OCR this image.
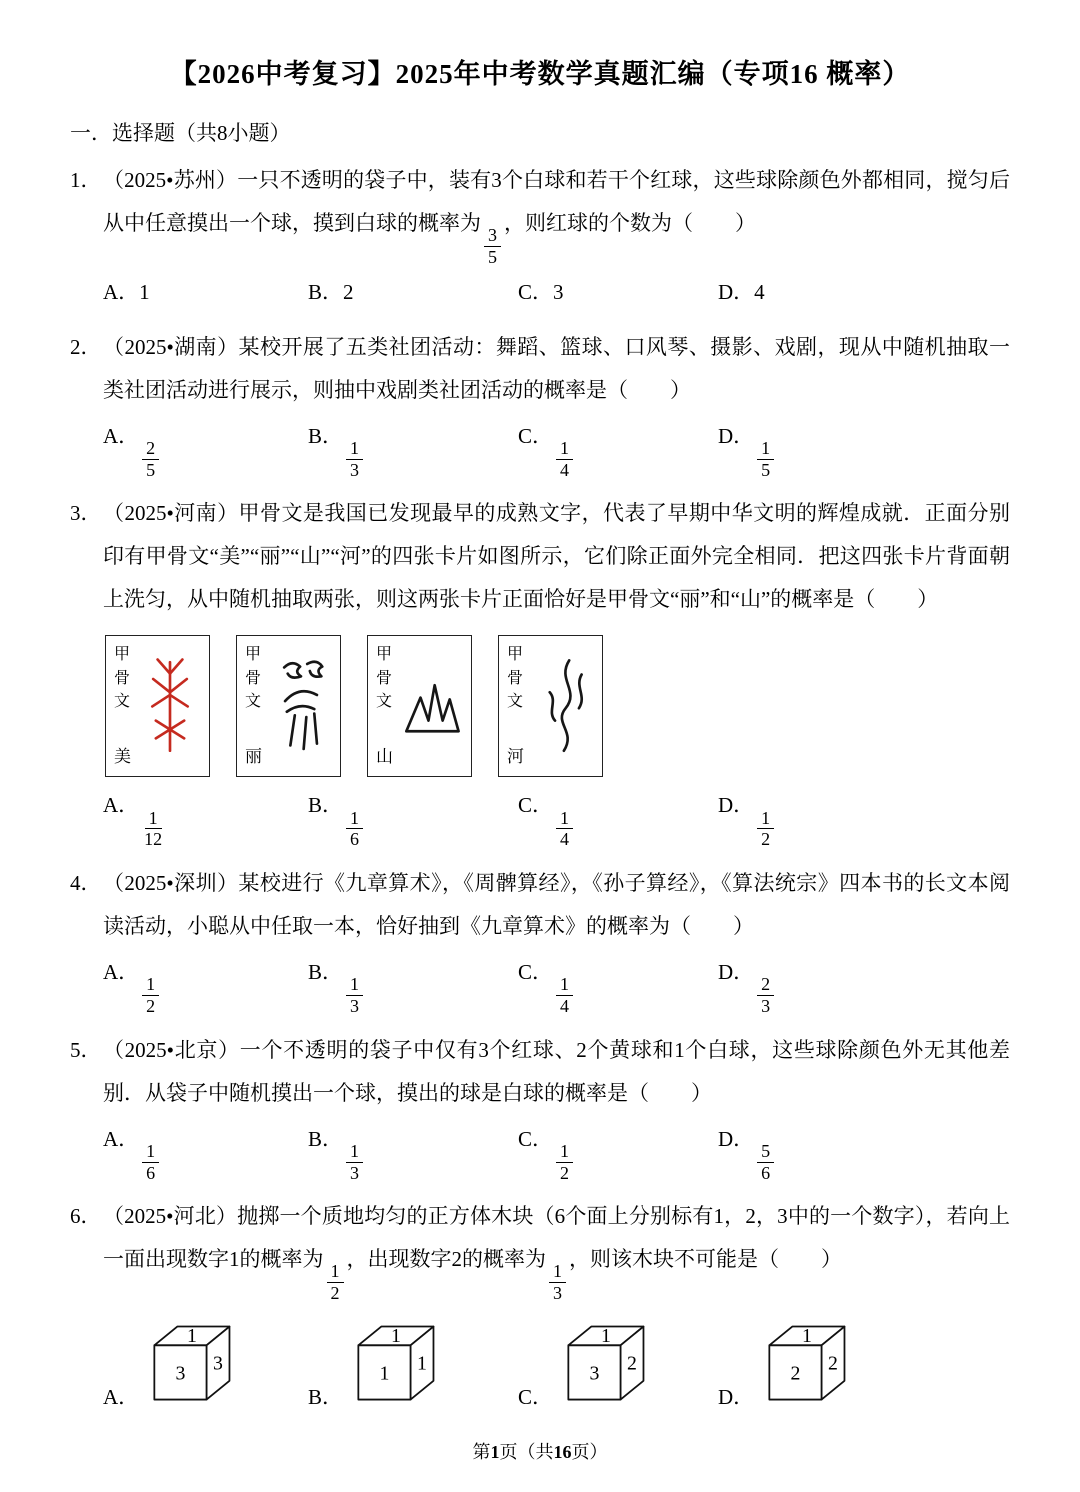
【2026中考复习】2025年中考数学真题汇编（专项16 概率）
一．选择题（共8小题）
1． （2025•苏州）一只不透明的袋子中，装有3个白球和若干个红球，这些球除颜色外都相同，搅匀后从中任意摸出一个球，摸到白球的概率为
$\frac{3}{5}$
，则红球的个数为（　　）
A．1	B．2	C．3	D．4
2． （2025•湖南）某校开展了五类社团活动：舞蹈、篮球、口风琴、摄影、戏剧，现从中随机抽取一类社团活动进行展示，则抽中戏剧类社团活动的概率是（　　）
A．
$\frac{2}{5}$
B．
$\frac{1}{3}$
C．
$\frac{1}{4}$
D．
$\frac{1}{5}$
3． （2025•河南）甲骨文是我国已发现最早的成熟文字，代表了早期中华文明的辉煌成就．正面分别印有甲骨文“美”“丽”“山”“河”的四张卡片如图所示，它们除正面外完全相同．把这四张卡片背面朝上洗匀，从中随机抽取两张，则这两张卡片正面恰好是甲骨文“丽”和“山”的概率是（　　）
甲骨文
美
甲骨文
丽
甲骨文
山
甲骨文
河
A．
$\frac{1}{12}$
B．
$\frac{1}{6}$
C．
$\frac{1}{4}$
D．
$\frac{1}{2}$
4． （2025•深圳）某校进行《九章算术》，《周髀算经》，《孙子算经》，《算法统宗》四本书的长文本阅读活动，小聪从中任取一本，恰好抽到《九章算术》的概率为（　　）
A．
$\frac{1}{2}$
B．
$\frac{1}{3}$
C．
$\frac{1}{4}$
D．
$\frac{2}{3}$
5． （2025•北京）一个不透明的袋子中仅有3个红球、2个黄球和1个白球，这些球除颜色外无其他差别．从袋子中随机摸出一个球，摸出的球是白球的概率是（　　）
A．
$\frac{1}{6}$
B．
$\frac{1}{3}$
C．
$\frac{1}{2}$
D．
$\frac{5}{6}$
6． （2025•河北）抛掷一个质地均匀的正方体木块（6个面上分别标有1，2，3中的一个数字），若向上一面出现数字1的概率为
$\frac{1}{2}$
，出现数字2的概率为
$\frac{1}{3}$
，则该木块不可能是（　　）
A．
1
3 3
B．
1
1 1
C．
1
3 2
D．
1
2 2
第1页（共16页）
